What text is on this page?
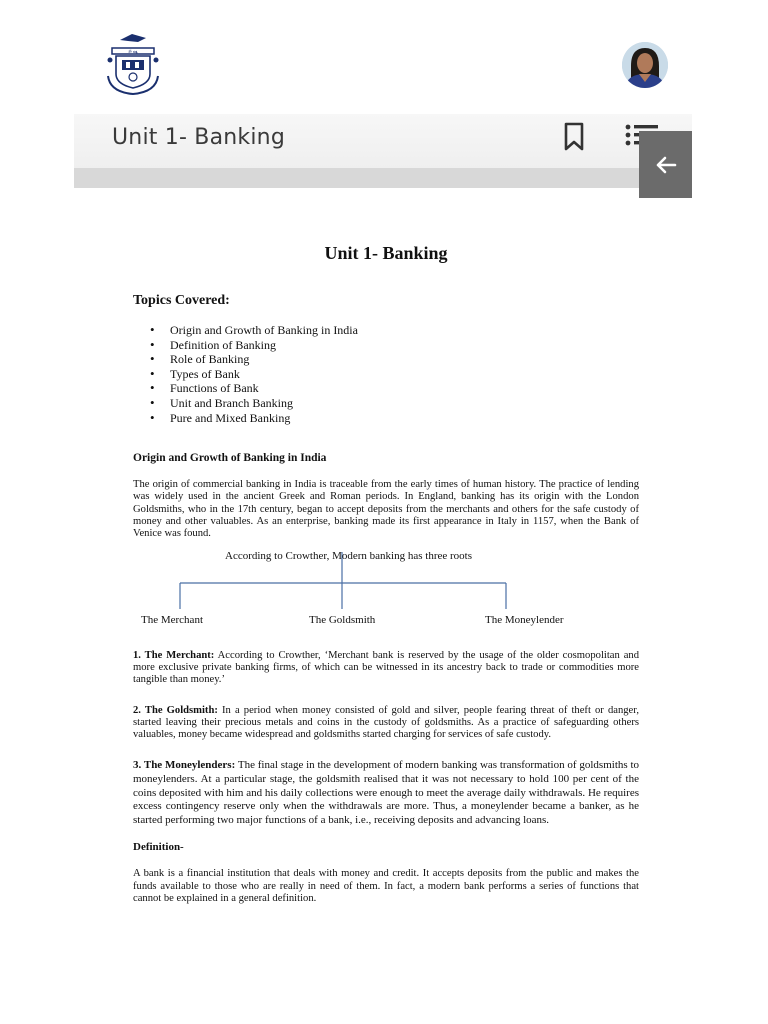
ॐ ಸತ್ಯ
Unit 1- Banking
Unit 1- Banking
Topics Covered:
• Origin and Growth of Banking in India
• Definition of Banking
• Role of Banking
• Types of Bank
• Functions of Bank
• Unit and Branch Banking
• Pure and Mixed Banking
Origin and Growth of Banking in India

The origin of commercial banking in India is traceable from the early times of human history. The practice of lending was widely used in the ancient Greek and Roman periods. In England, banking has its origin with the London Goldsmiths, who in the 17th century, began to accept deposits from the merchants and others for the safe custody of money and other valuables. As an enterprise, banking made its first appearance in Italy in 1157, when the Bank of Venice was found.

According to Crowther, Modern banking has three roots
The Merchant	The Goldsmith	The Moneylender

1. The Merchant: According to Crowther, ‘Merchant bank is reserved by the usage of the older cosmopolitan and more exclusive private banking firms, of which can be witnessed in its ancestry back to trade or commodities more tangible than money.’

2. The Goldsmith: In a period when money consisted of gold and silver, people fearing threat of theft or danger, started leaving their precious metals and coins in the custody of goldsmiths. As a practice of safeguarding others valuables, money became widespread and goldsmiths started charging for services of safe custody.

3. The Moneylenders: The final stage in the development of modern banking was transformation of goldsmiths to moneylenders. At a particular stage, the goldsmith realised that it was not necessary to hold 100 per cent of the coins deposited with him and his daily collections were enough to meet the average daily withdrawals. He requires excess contingency reserve only when the withdrawals are more. Thus, a moneylender became a banker, as he started performing two major functions of a bank, i.e., receiving deposits and advancing loans.

Definition-

A bank is a financial institution that deals with money and credit. It accepts deposits from the public and makes the funds available to those who are really in need of them. In fact, a modern bank performs a series of functions that cannot be explained in a general definition.
